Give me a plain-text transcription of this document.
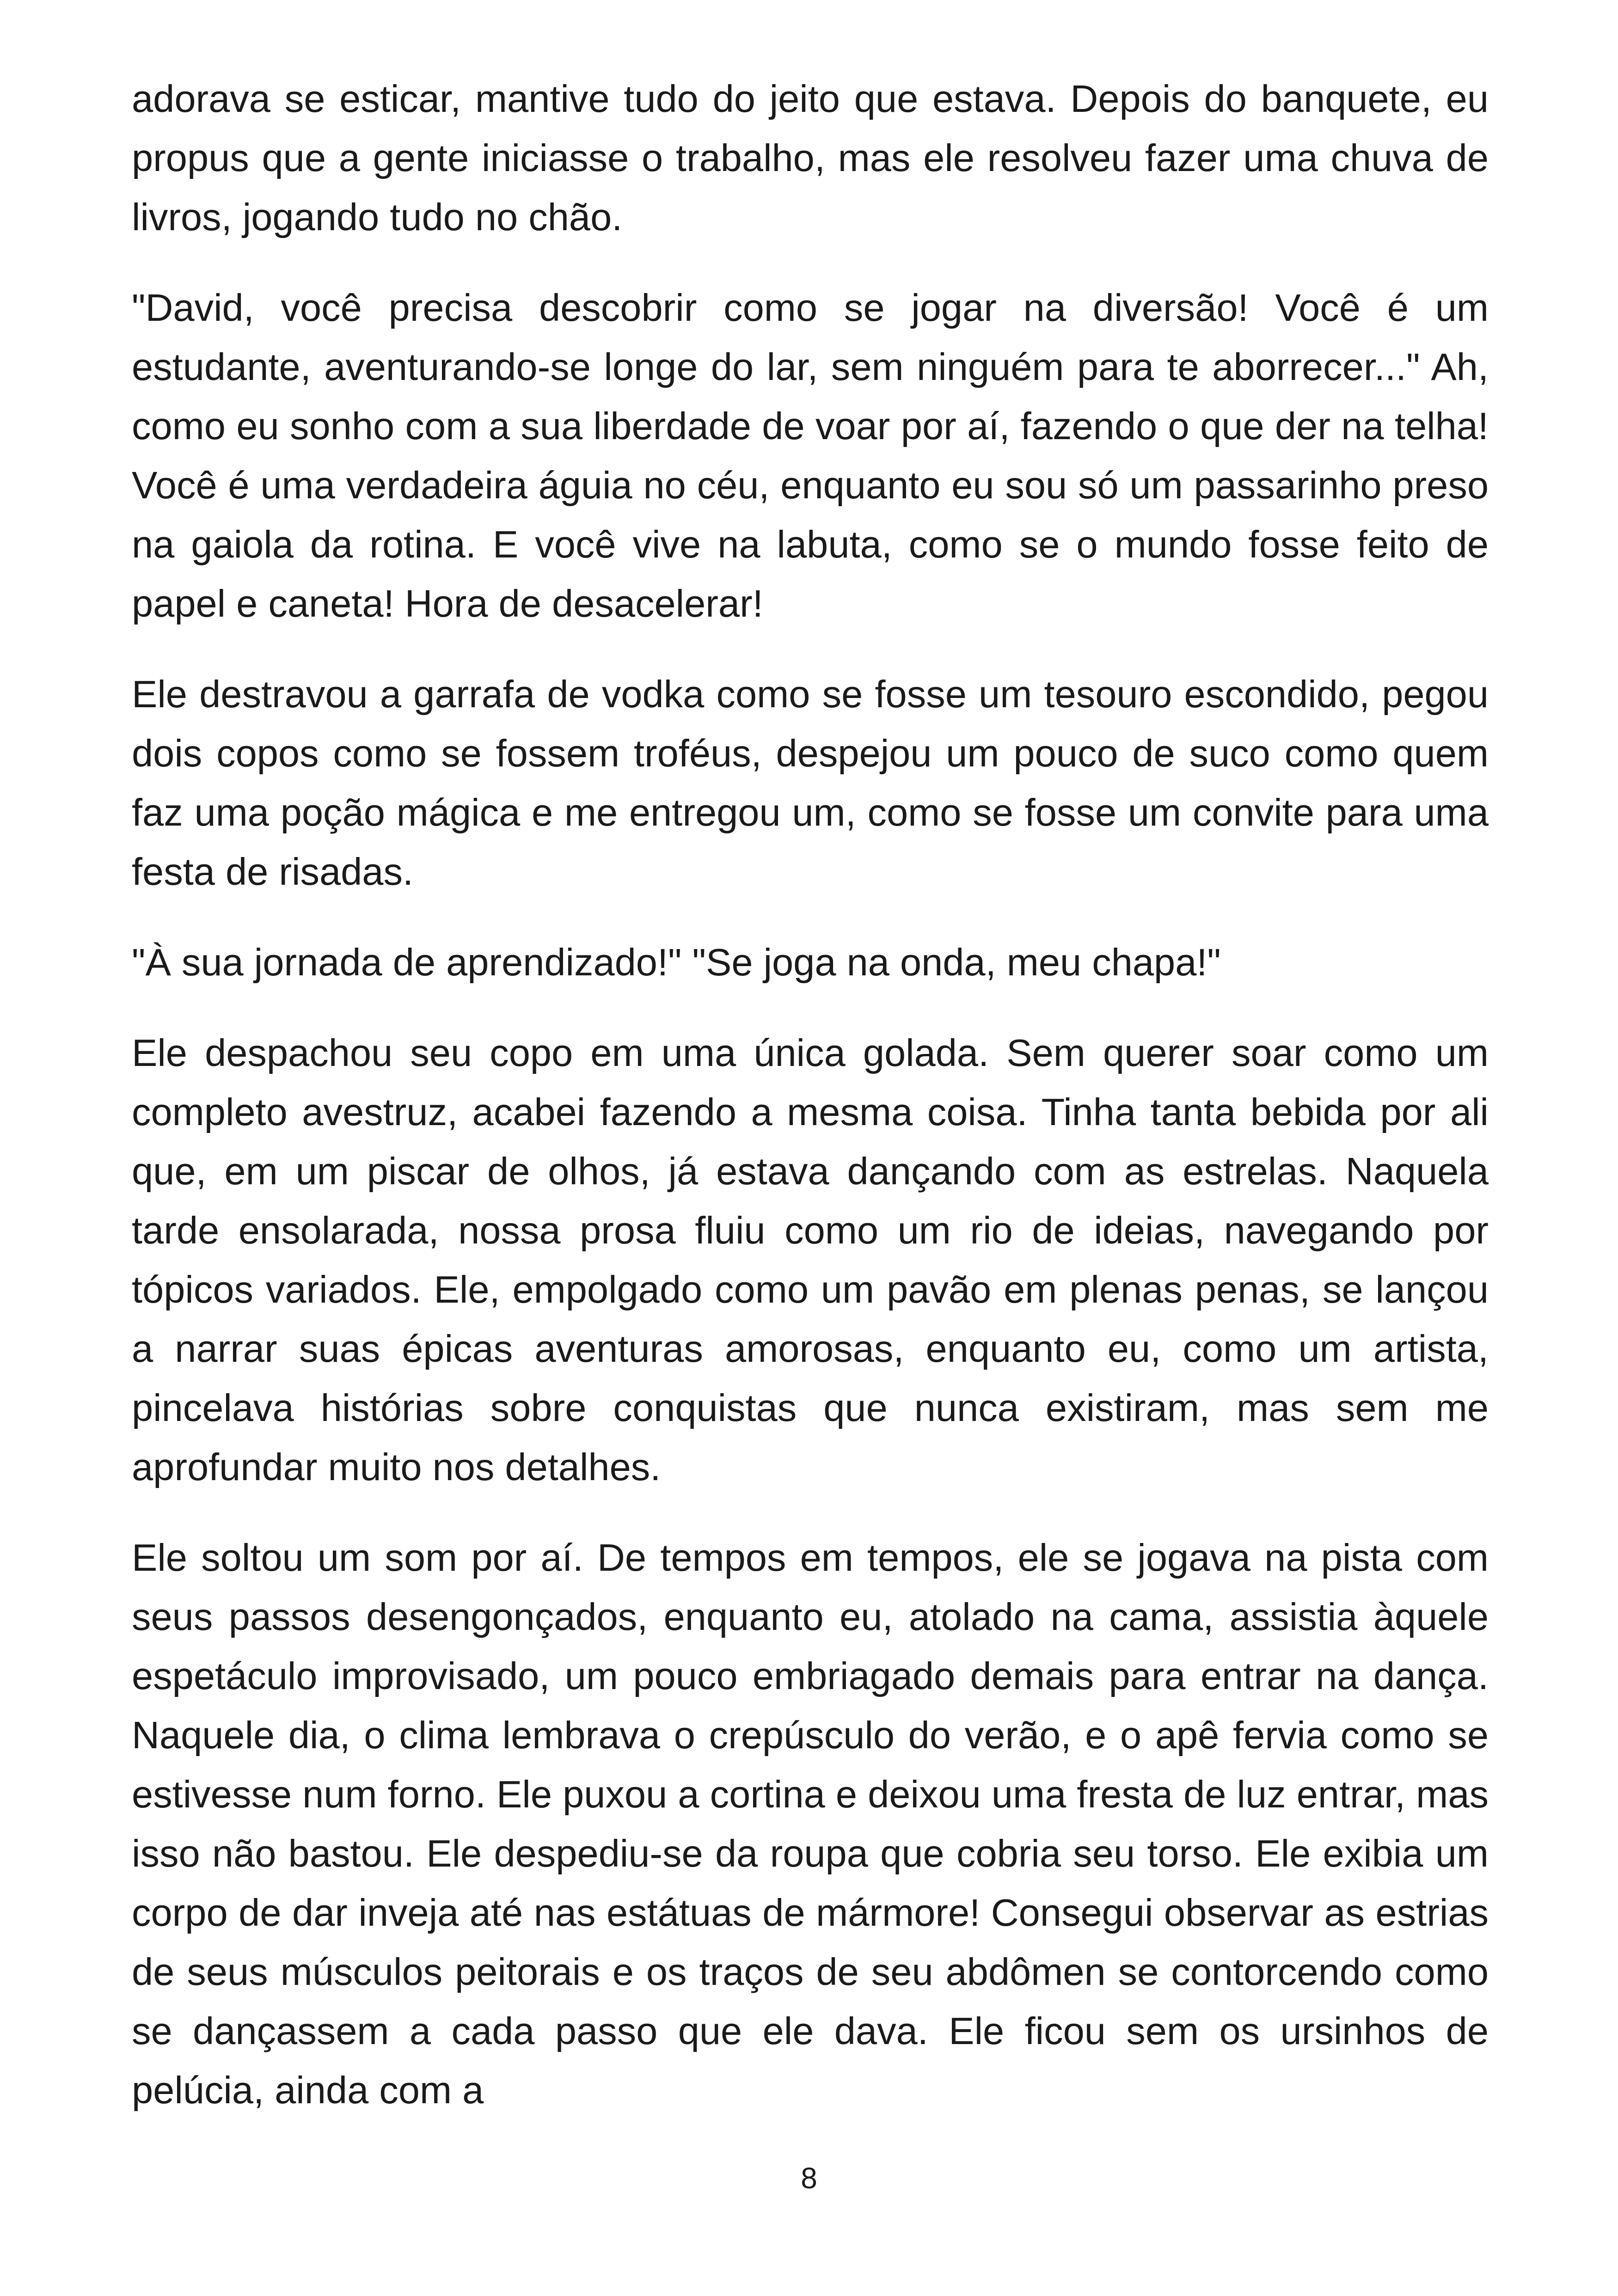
adorava se esticar, mantive tudo do jeito que estava. Depois do banquete, eu propus que a gente iniciasse o trabalho, mas ele resolveu fazer uma chuva de livros, jogando tudo no chão.

"David, você precisa descobrir como se jogar na diversão! Você é um estudante, aventurando-se longe do lar, sem ninguém para te aborrecer..." Ah, como eu sonho com a sua liberdade de voar por aí, fazendo o que der na telha! Você é uma verdadeira águia no céu, enquanto eu sou só um passarinho preso na gaiola da rotina. E você vive na labuta, como se o mundo fosse feito de papel e caneta! Hora de desacelerar!

Ele destravou a garrafa de vodka como se fosse um tesouro escondido, pegou dois copos como se fossem troféus, despejou um pouco de suco como quem faz uma poção mágica e me entregou um, como se fosse um convite para uma festa de risadas.

"À sua jornada de aprendizado!" "Se joga na onda, meu chapa!"

Ele despachou seu copo em uma única golada. Sem querer soar como um completo avestruz, acabei fazendo a mesma coisa. Tinha tanta bebida por ali que, em um piscar de olhos, já estava dançando com as estrelas. Naquela tarde ensolarada, nossa prosa fluiu como um rio de ideias, navegando por tópicos variados. Ele, empolgado como um pavão em plenas penas, se lançou a narrar suas épicas aventuras amorosas, enquanto eu, como um artista, pincelava histórias sobre conquistas que nunca existiram, mas sem me aprofundar muito nos detalhes.

Ele soltou um som por aí. De tempos em tempos, ele se jogava na pista com seus passos desengonçados, enquanto eu, atolado na cama, assistia àquele espetáculo improvisado, um pouco embriagado demais para entrar na dança. Naquele dia, o clima lembrava o crepúsculo do verão, e o apê fervia como se estivesse num forno. Ele puxou a cortina e deixou uma fresta de luz entrar, mas isso não bastou. Ele despediu-se da roupa que cobria seu torso. Ele exibia um corpo de dar inveja até nas estátuas de mármore! Consegui observar as estrias de seus músculos peitorais e os traços de seu abdômen se contorcendo como se dançassem a cada passo que ele dava. Ele ficou sem os ursinhos de pelúcia, ainda com a

8
